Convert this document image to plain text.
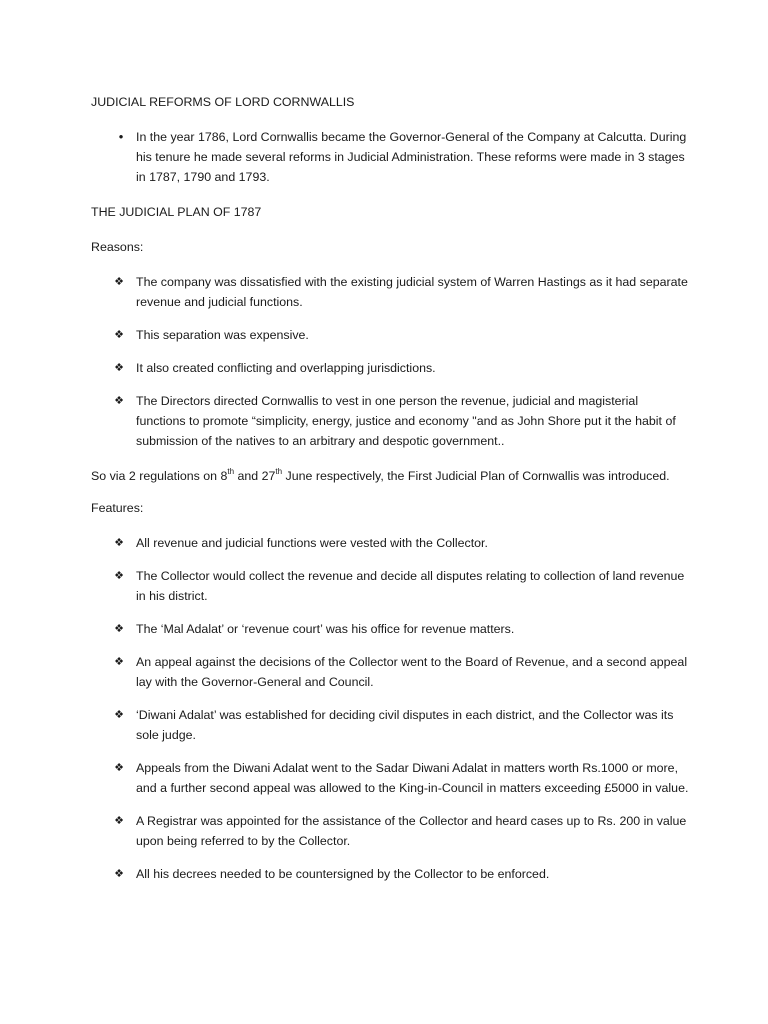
JUDICIAL REFORMS OF LORD CORNWALLIS

• In the year 1786, Lord Cornwallis became the Governor-General of the Company at Calcutta. During his tenure he made several reforms in Judicial Administration. These reforms were made in 3 stages in 1787, 1790 and 1793.

THE JUDICIAL PLAN OF 1787

Reasons:

❖ The company was dissatisfied with the existing judicial system of Warren Hastings as it had separate revenue and judicial functions.
❖ This separation was expensive.
❖ It also created conflicting and overlapping jurisdictions.
❖ The Directors directed Cornwallis to vest in one person the revenue, judicial and magisterial functions to promote “simplicity, energy, justice and economy "and as John Shore put it the habit of submission of the natives to an arbitrary and despotic government..

So via 2 regulations on 8th and 27th June respectively, the First Judicial Plan of Cornwallis was introduced.

Features:

❖ All revenue and judicial functions were vested with the Collector.
❖ The Collector would collect the revenue and decide all disputes relating to collection of land revenue in his district.
❖ The ‘Mal Adalat’ or ‘revenue court’ was his office for revenue matters.
❖ An appeal against the decisions of the Collector went to the Board of Revenue, and a second appeal lay with the Governor-General and Council.
❖ ‘Diwani Adalat’ was established for deciding civil disputes in each district, and the Collector was its sole judge.
❖ Appeals from the Diwani Adalat went to the Sadar Diwani Adalat in matters worth Rs.1000 or more, and a further second appeal was allowed to the King-in-Council in matters exceeding £5000 in value.
❖ A Registrar was appointed for the assistance of the Collector and heard cases up to Rs. 200 in value upon being referred to by the Collector.
❖ All his decrees needed to be countersigned by the Collector to be enforced.
